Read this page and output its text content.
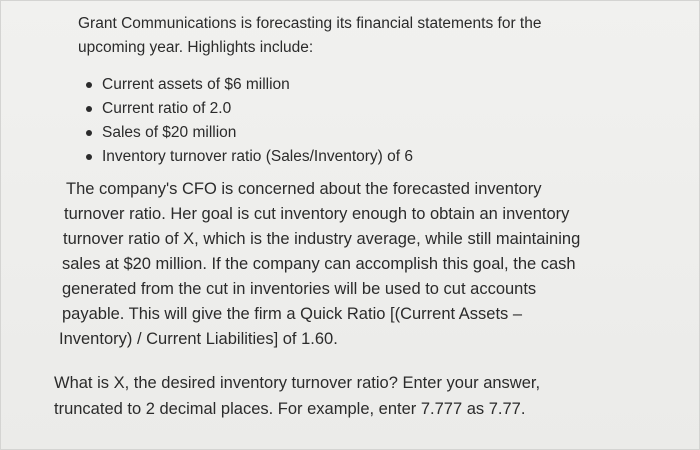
Grant Communications is forecasting its financial statements for the
upcoming year. Highlights include:

Current assets of $6 million
Current ratio of 2.0
Sales of $20 million
Inventory turnover ratio (Sales/Inventory) of 6

The company's CFO is concerned about the forecasted inventory
turnover ratio. Her goal is cut inventory enough to obtain an inventory
turnover ratio of X, which is the industry average, while still maintaining
sales at $20 million. If the company can accomplish this goal, the cash
generated from the cut in inventories will be used to cut accounts
payable. This will give the firm a Quick Ratio [(Current Assets –
Inventory) / Current Liabilities] of 1.60.

What is X, the desired inventory turnover ratio? Enter your answer,
truncated to 2 decimal places. For example, enter 7.777 as 7.77.
